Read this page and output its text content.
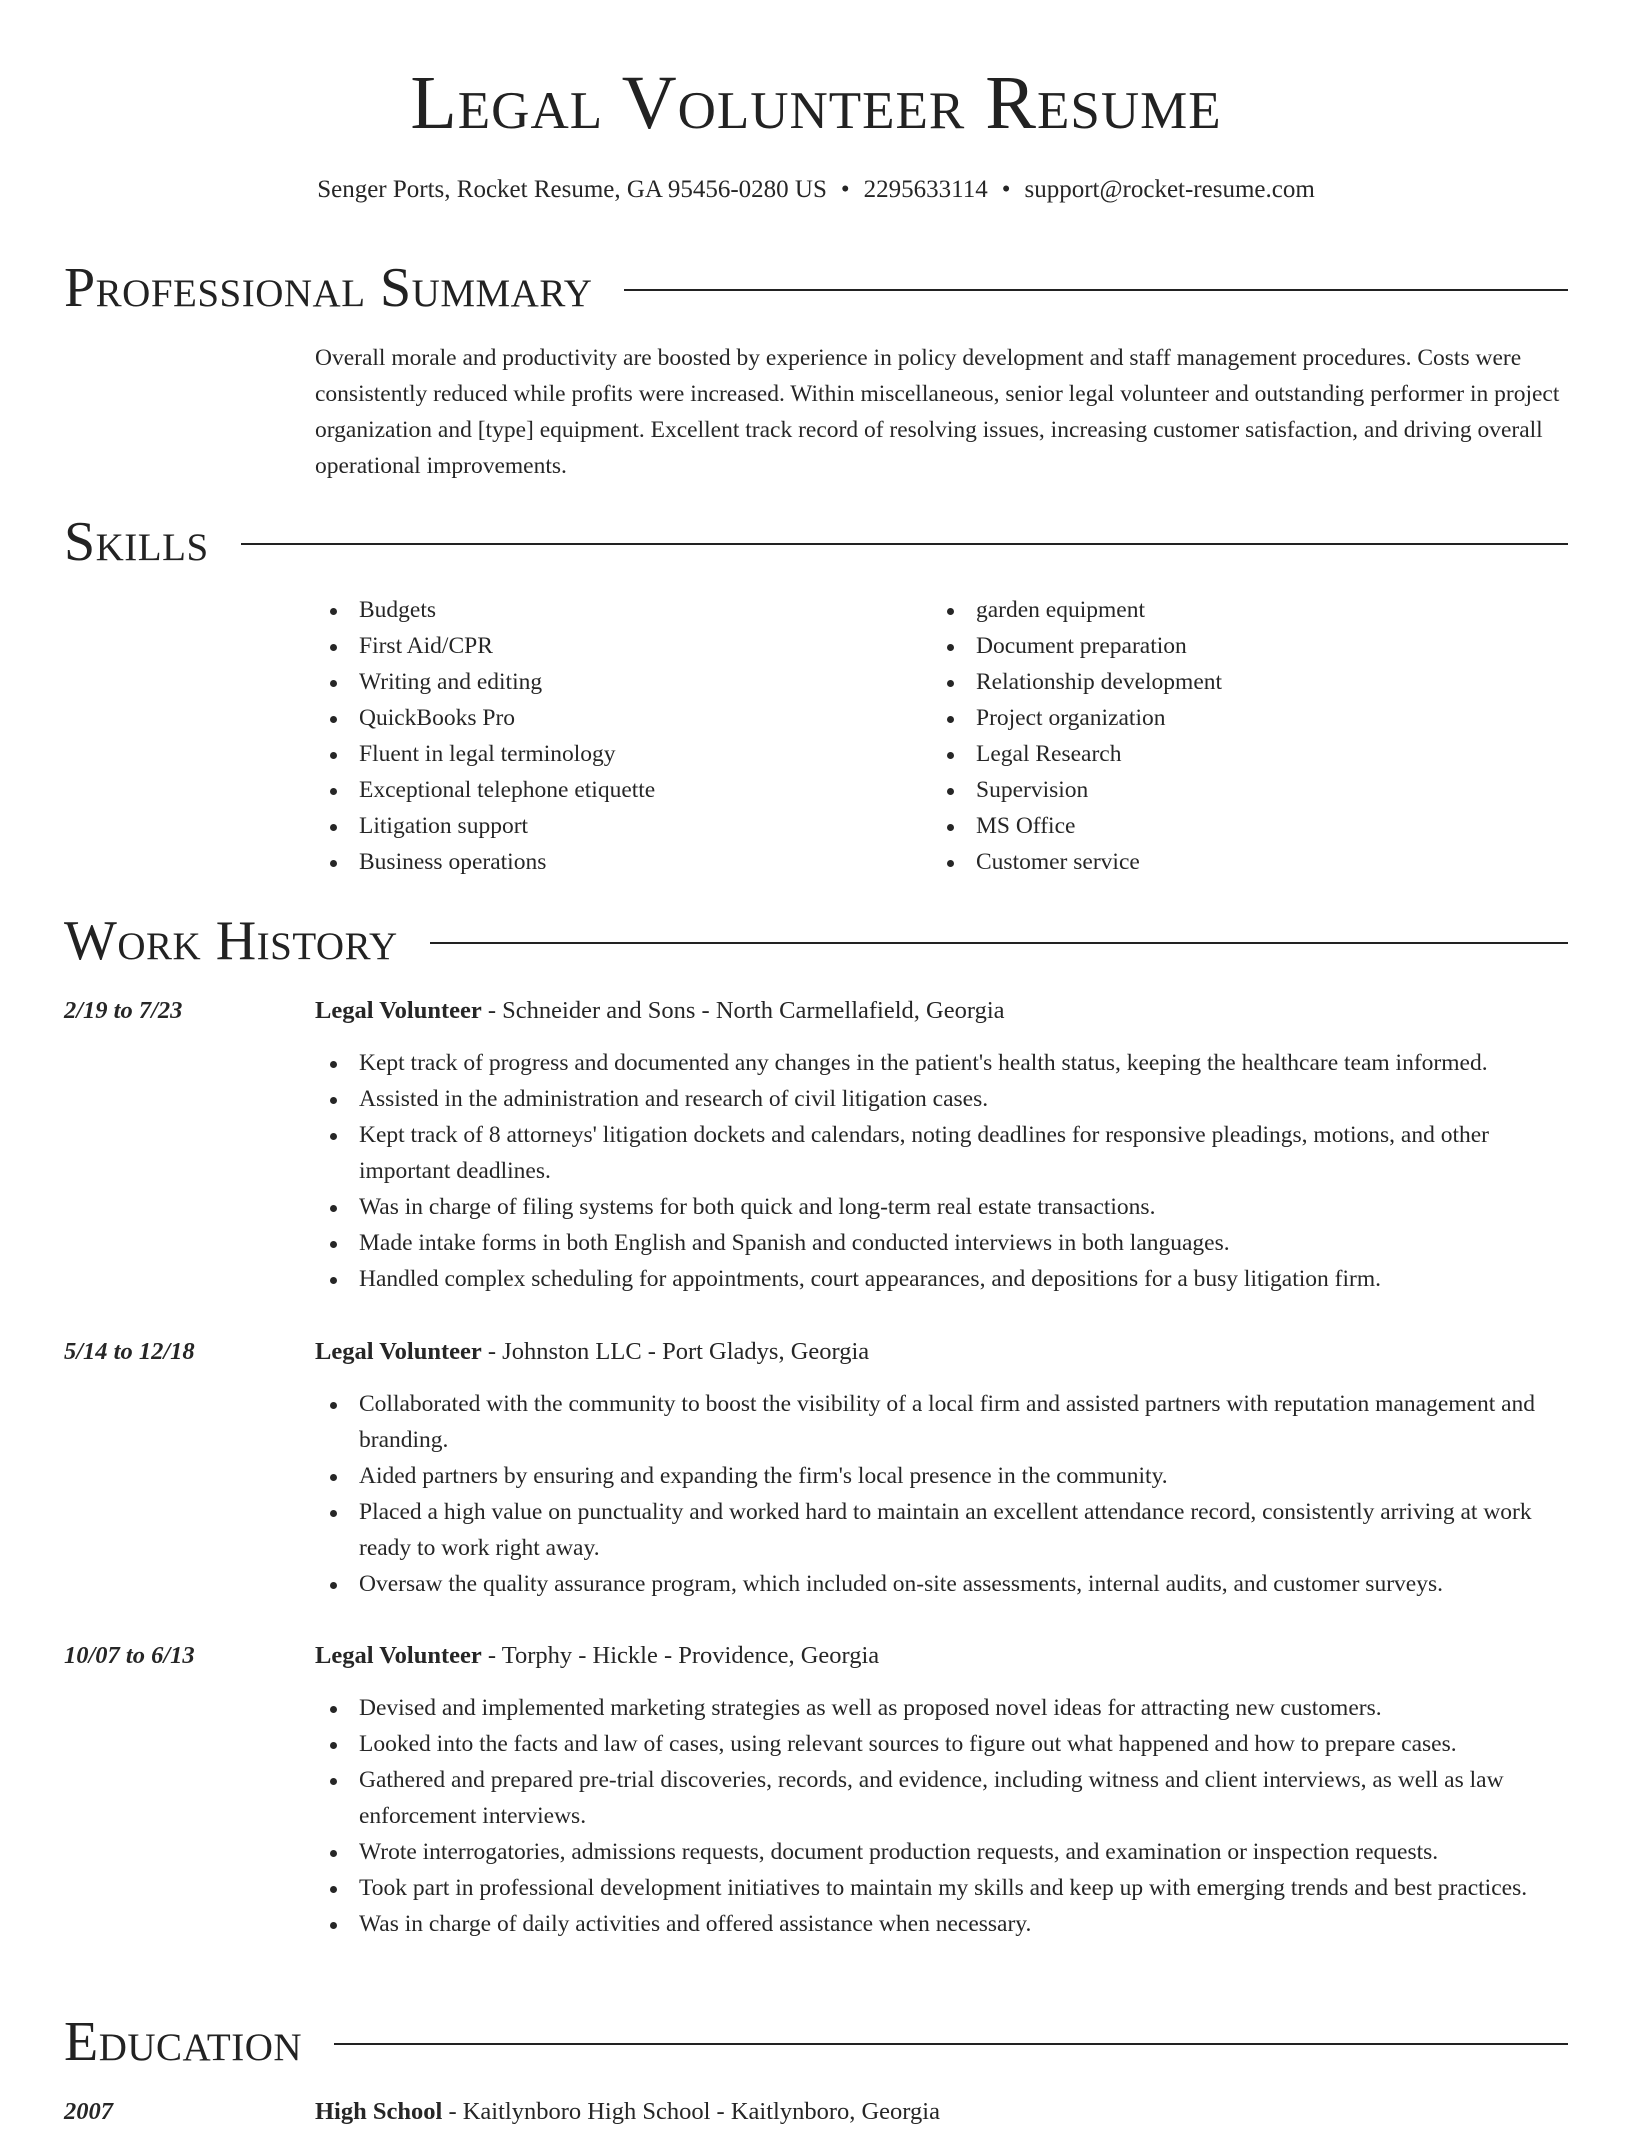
Legal Volunteer Resume
Senger Ports, Rocket Resume, GA 95456-0280 US • 2295633114 • support@rocket-resume.com
Professional Summary
Overall morale and productivity are boosted by experience in policy development and staff management procedures. Costs were consistently reduced while profits were increased. Within miscellaneous, senior legal volunteer and outstanding performer in project organization and [type] equipment. Excellent track record of resolving issues, increasing customer satisfaction, and driving overall operational improvements.
Skills
Budgets
First Aid/CPR
Writing and editing
QuickBooks Pro
Fluent in legal terminology
Exceptional telephone etiquette
Litigation support
Business operations
garden equipment
Document preparation
Relationship development
Project organization
Legal Research
Supervision
MS Office
Customer service
Work History
2/19 to 7/23	Legal Volunteer - Schneider and Sons - North Carmellafield, Georgia
Kept track of progress and documented any changes in the patient's health status, keeping the healthcare team informed.
Assisted in the administration and research of civil litigation cases.
Kept track of 8 attorneys' litigation dockets and calendars, noting deadlines for responsive pleadings, motions, and other important deadlines.
Was in charge of filing systems for both quick and long-term real estate transactions.
Made intake forms in both English and Spanish and conducted interviews in both languages.
Handled complex scheduling for appointments, court appearances, and depositions for a busy litigation firm.
5/14 to 12/18	Legal Volunteer - Johnston LLC - Port Gladys, Georgia
Collaborated with the community to boost the visibility of a local firm and assisted partners with reputation management and branding.
Aided partners by ensuring and expanding the firm's local presence in the community.
Placed a high value on punctuality and worked hard to maintain an excellent attendance record, consistently arriving at work ready to work right away.
Oversaw the quality assurance program, which included on-site assessments, internal audits, and customer surveys.
10/07 to 6/13	Legal Volunteer - Torphy - Hickle - Providence, Georgia
Devised and implemented marketing strategies as well as proposed novel ideas for attracting new customers.
Looked into the facts and law of cases, using relevant sources to figure out what happened and how to prepare cases.
Gathered and prepared pre-trial discoveries, records, and evidence, including witness and client interviews, as well as law enforcement interviews.
Wrote interrogatories, admissions requests, document production requests, and examination or inspection requests.
Took part in professional development initiatives to maintain my skills and keep up with emerging trends and best practices.
Was in charge of daily activities and offered assistance when necessary.
Education
2007	High School - Kaitlynboro High School - Kaitlynboro, Georgia
